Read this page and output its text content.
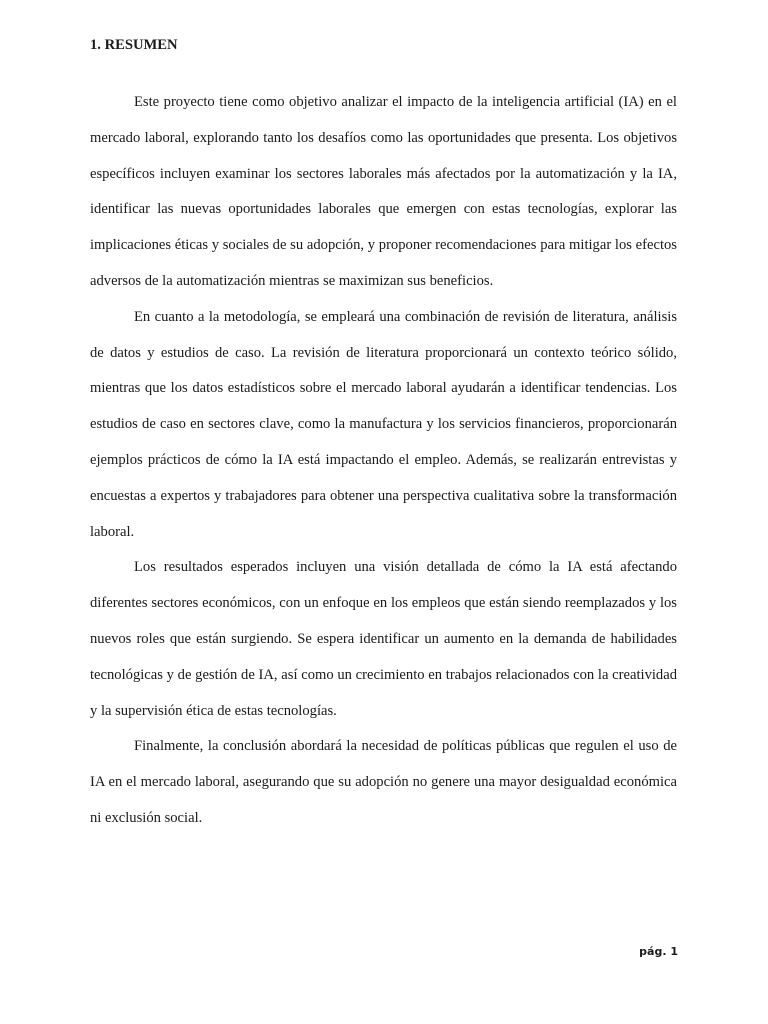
1. RESUMEN

Este proyecto tiene como objetivo analizar el impacto de la inteligencia artificial (IA) en el mercado laboral, explorando tanto los desafíos como las oportunidades que presenta. Los objetivos específicos incluyen examinar los sectores laborales más afectados por la automatización y la IA, identificar las nuevas oportunidades laborales que emergen con estas tecnologías, explorar las implicaciones éticas y sociales de su adopción, y proponer recomendaciones para mitigar los efectos adversos de la automatización mientras se maximizan sus beneficios.

En cuanto a la metodología, se empleará una combinación de revisión de literatura, análisis de datos y estudios de caso. La revisión de literatura proporcionará un contexto teórico sólido, mientras que los datos estadísticos sobre el mercado laboral ayudarán a identificar tendencias. Los estudios de caso en sectores clave, como la manufactura y los servicios financieros, proporcionarán ejemplos prácticos de cómo la IA está impactando el empleo. Además, se realizarán entrevistas y encuestas a expertos y trabajadores para obtener una perspectiva cualitativa sobre la transformación laboral.

Los resultados esperados incluyen una visión detallada de cómo la IA está afectando diferentes sectores económicos, con un enfoque en los empleos que están siendo reemplazados y los nuevos roles que están surgiendo. Se espera identificar un aumento en la demanda de habilidades tecnológicas y de gestión de IA, así como un crecimiento en trabajos relacionados con la creatividad y la supervisión ética de estas tecnologías.

Finalmente, la conclusión abordará la necesidad de políticas públicas que regulen el uso de IA en el mercado laboral, asegurando que su adopción no genere una mayor desigualdad económica ni exclusión social.

pág. 1
